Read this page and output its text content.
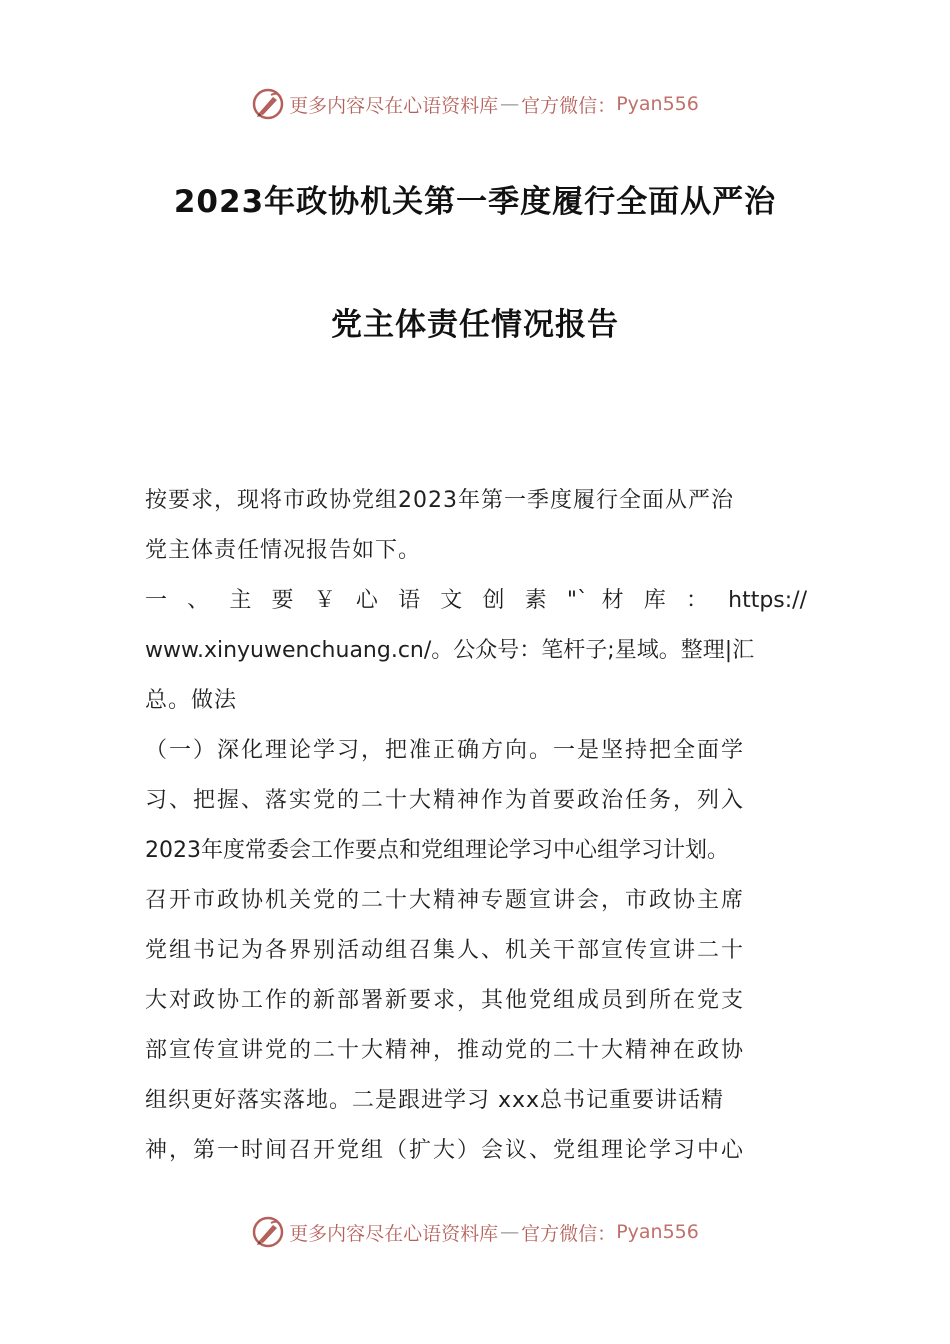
更多内容尽在心语资料库 — 官方微信： Pyan556
2023年政协机关第一季度履行全面从严治
党主体责任情况报告
按要求，现将市政协党组2023年第一季度履行全面从严治
党主体责任情况报告如下。
一 、 主 要 ￥ 心 语 文 创 素 "` 材 库 ： https://
www.xinyuwenchuang.cn/。公众号：笔杆子;星域。整理|汇
总。做法
（一）深化理论学习，把准正确方向。一是坚持把全面学
习、把握、落实党的二十大精神作为首要政治任务，列入
2023年度常委会工作要点和党组理论学习中心组学习计划。
召开市政协机关党的二十大精神专题宣讲会，市政协主席
党组书记为各界别活动组召集人、机关干部宣传宣讲二十
大对政协工作的新部署新要求，其他党组成员到所在党支
部宣传宣讲党的二十大精神，推动党的二十大精神在政协
组织更好落实落地。二是跟进学习 xxx总书记重要讲话精
神，第一时间召开党组（扩大）会议、党组理论学习中心
更多内容尽在心语资料库 — 官方微信： Pyan556
